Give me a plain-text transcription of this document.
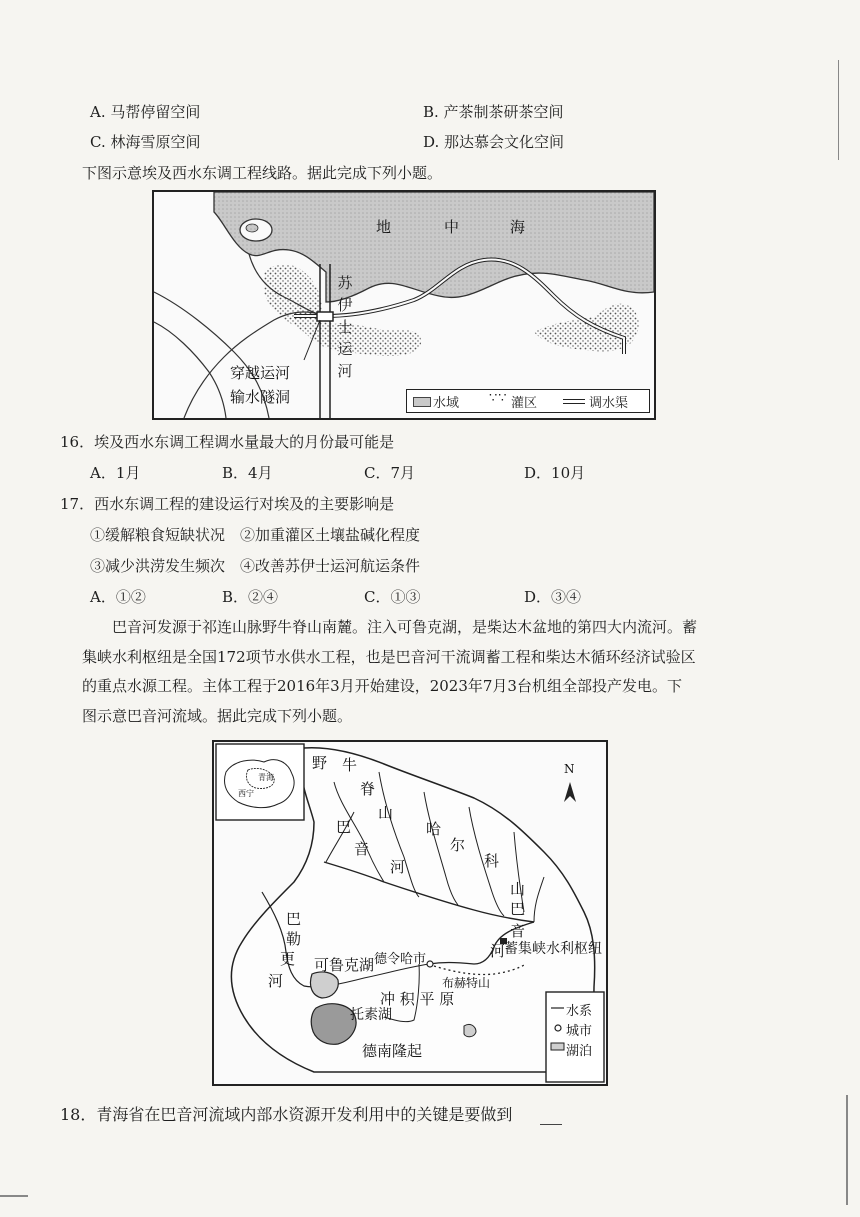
A. 马帮停留空间	B. 产茶制茶研茶空间
C. 林海雪原空间	D. 那达慕会文化空间
下图示意埃及西水东调工程线路。据此完成下列小题。
地	中	海
苏
伊
士
运
河
穿越运河
输水隧洞	水域 ∵∵ 灌区	调水渠
16．埃及西水东调工程调水量最大的月份最可能是
A．1月	B．4月	C．7月	D．10月
17．西水东调工程的建设运行对埃及的主要影响是
①缓解粮食短缺状况　②加重灌区土壤盐碱化程度
③减少洪涝发生频次　④改善苏伊士运河航运条件
A．①②	B．②④	C．①③	D．③④
巴音河发源于祁连山脉野牛脊山南麓。注入可鲁克湖，是柴达木盆地的第四大内流河。蓄
集峡水利枢纽是全国172项节水供水工程，也是巴音河干流调蓄工程和柴达木循环经济试验区
的重点水源工程。主体工程于2016年3月开始建设，2023年7月3台机组全部投产发电。下
图示意巴音河流域。据此完成下列小题。
青海
西宁
野 牛
脊
山
哈
尔
科
山
巴
音
河
巴
音
河
巴
勒
更
河
可鲁克湖
托素湖
德令哈市
布赫特山
冲 积 平 原
蓄集峡水利枢纽
德南隆起
N
水系
城市
湖泊
18．青海省在巴音河流域内部水资源开发利用中的关键是要做到
